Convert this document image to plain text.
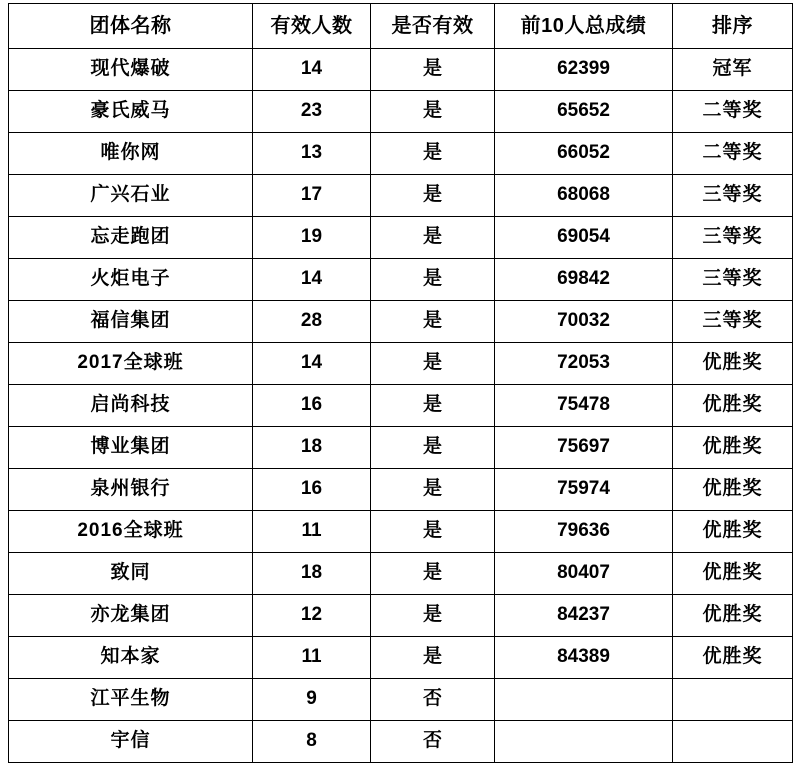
团体名称	有效人数	是否有效	前10人总成绩	排序
现代爆破	14	是	62399	冠军
豪氏威马	23	是	65652	二等奖
唯你网	13	是	66052	二等奖
广兴石业	17	是	68068	三等奖
忘走跑团	19	是	69054	三等奖
火炬电子	14	是	69842	三等奖
福信集团	28	是	70032	三等奖
2017全球班	14	是	72053	优胜奖
启尚科技	16	是	75478	优胜奖
博业集团	18	是	75697	优胜奖
泉州银行	16	是	75974	优胜奖
2016全球班	11	是	79636	优胜奖
致同	18	是	80407	优胜奖
亦龙集团	12	是	84237	优胜奖
知本家	11	是	84389	优胜奖
江平生物	9	否		
宇信	8	否		
